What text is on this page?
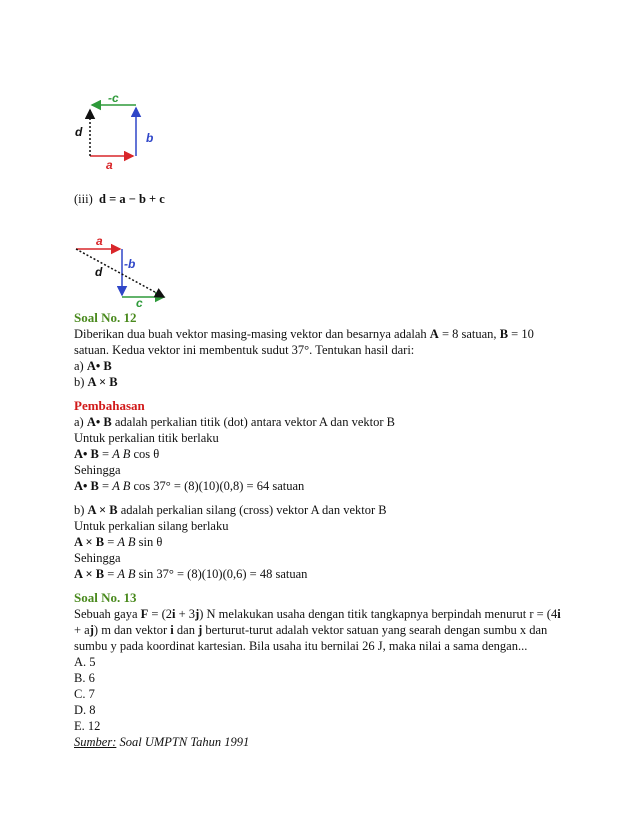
-c
d	b
a
(iii) d = a − b + c
a
-b
d
c
Soal No. 12
Diberikan dua buah vektor masing-masing vektor dan besarnya adalah A = 8 satuan, B = 10
satuan. Kedua vektor ini membentuk sudut 37°. Tentukan hasil dari:
a) A• B
b) A × B
Pembahasan
a) A• B adalah perkalian titik (dot) antara vektor A dan vektor B
Untuk perkalian titik berlaku
A• B = A B cos θ
Sehingga
A• B = A B cos 37° = (8)(10)(0,8) = 64 satuan
b) A × B adalah perkalian silang (cross) vektor A dan vektor B
Untuk perkalian silang berlaku
A × B = A B sin θ
Sehingga
A × B = A B sin 37° = (8)(10)(0,6) = 48 satuan
Soal No. 13
Sebuah gaya F = (2i + 3j) N melakukan usaha dengan titik tangkapnya berpindah menurut r = (4i
+ aj) m dan vektor i dan j berturut-turut adalah vektor satuan yang searah dengan sumbu x dan
sumbu y pada koordinat kartesian. Bila usaha itu bernilai 26 J, maka nilai a sama dengan...
A. 5
B. 6
C. 7
D. 8
E. 12
Sumber: Soal UMPTN Tahun 1991
